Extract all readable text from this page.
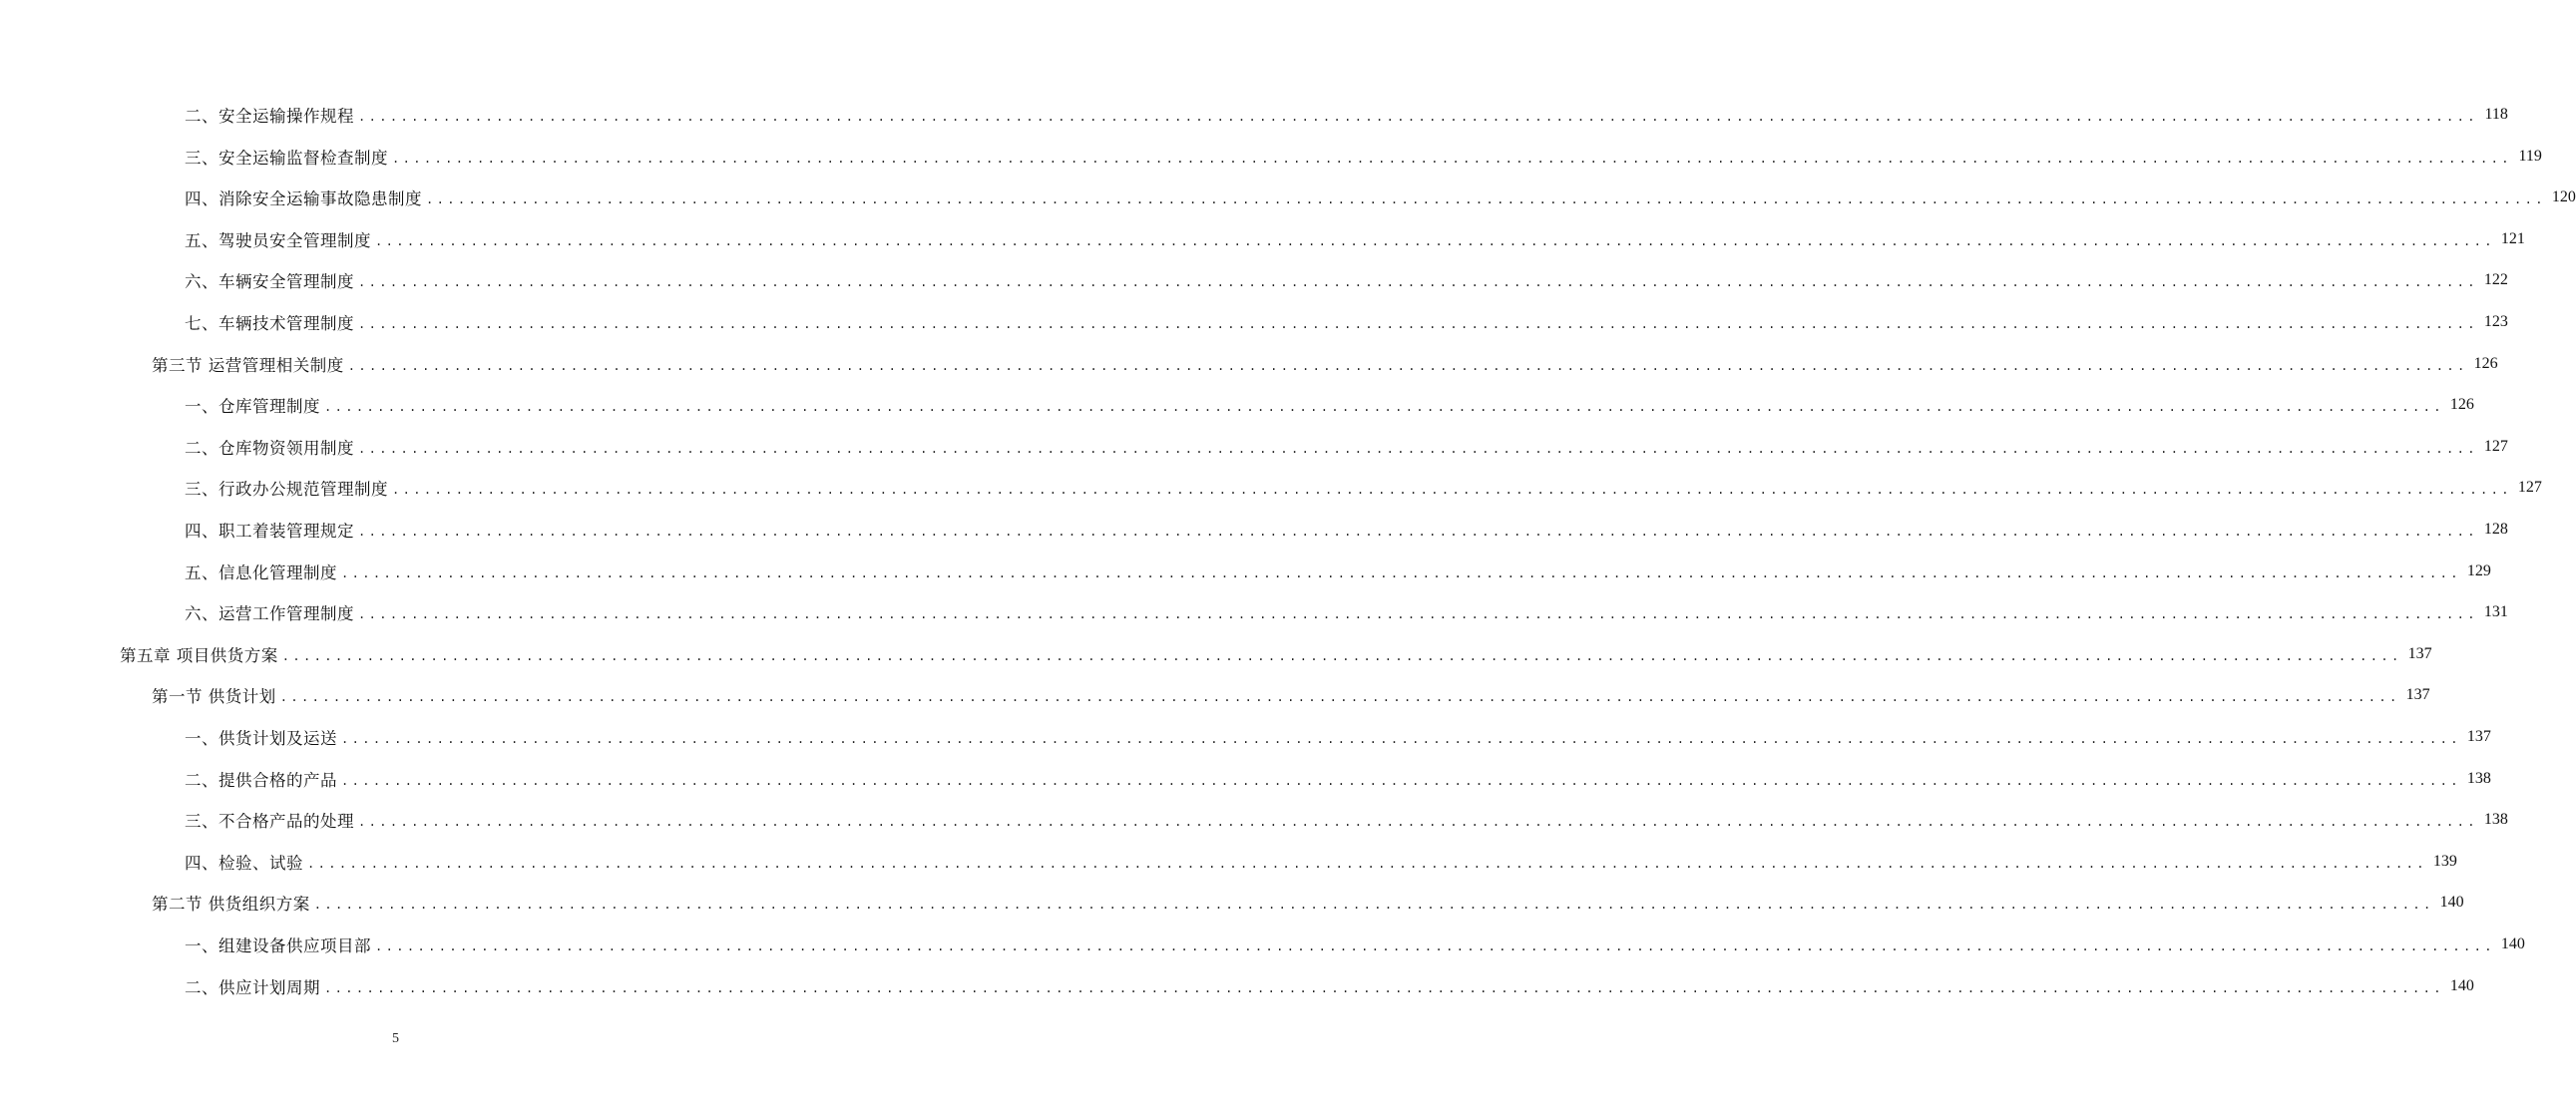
二、安全运输操作规程 ........................................................................................................................................................................................................ 118
三、安全运输监督检查制度 ........................................................................................................................................................................................................ 119
四、消除安全运输事故隐患制度 ........................................................................................................................................................................................................ 120
五、驾驶员安全管理制度 ........................................................................................................................................................................................................ 121
六、车辆安全管理制度 ........................................................................................................................................................................................................ 122
七、车辆技术管理制度 ........................................................................................................................................................................................................ 123
第三节 运营管理相关制度 ........................................................................................................................................................................................................ 126
一、仓库管理制度 ........................................................................................................................................................................................................ 126
二、仓库物资领用制度 ........................................................................................................................................................................................................ 127
三、行政办公规范管理制度 ........................................................................................................................................................................................................ 127
四、职工着装管理规定 ........................................................................................................................................................................................................ 128
五、信息化管理制度 ........................................................................................................................................................................................................ 129
六、运营工作管理制度 ........................................................................................................................................................................................................ 131
第五章 项目供货方案 ........................................................................................................................................................................................................ 137
第一节 供货计划 ........................................................................................................................................................................................................ 137
一、供货计划及运送 ........................................................................................................................................................................................................ 137
二、提供合格的产品 ........................................................................................................................................................................................................ 138
三、不合格产品的处理 ........................................................................................................................................................................................................ 138
四、检验、试验 ........................................................................................................................................................................................................ 139
第二节 供货组织方案 ........................................................................................................................................................................................................ 140
一、组建设备供应项目部 ........................................................................................................................................................................................................ 140
二、供应计划周期 ........................................................................................................................................................................................................ 140
5
